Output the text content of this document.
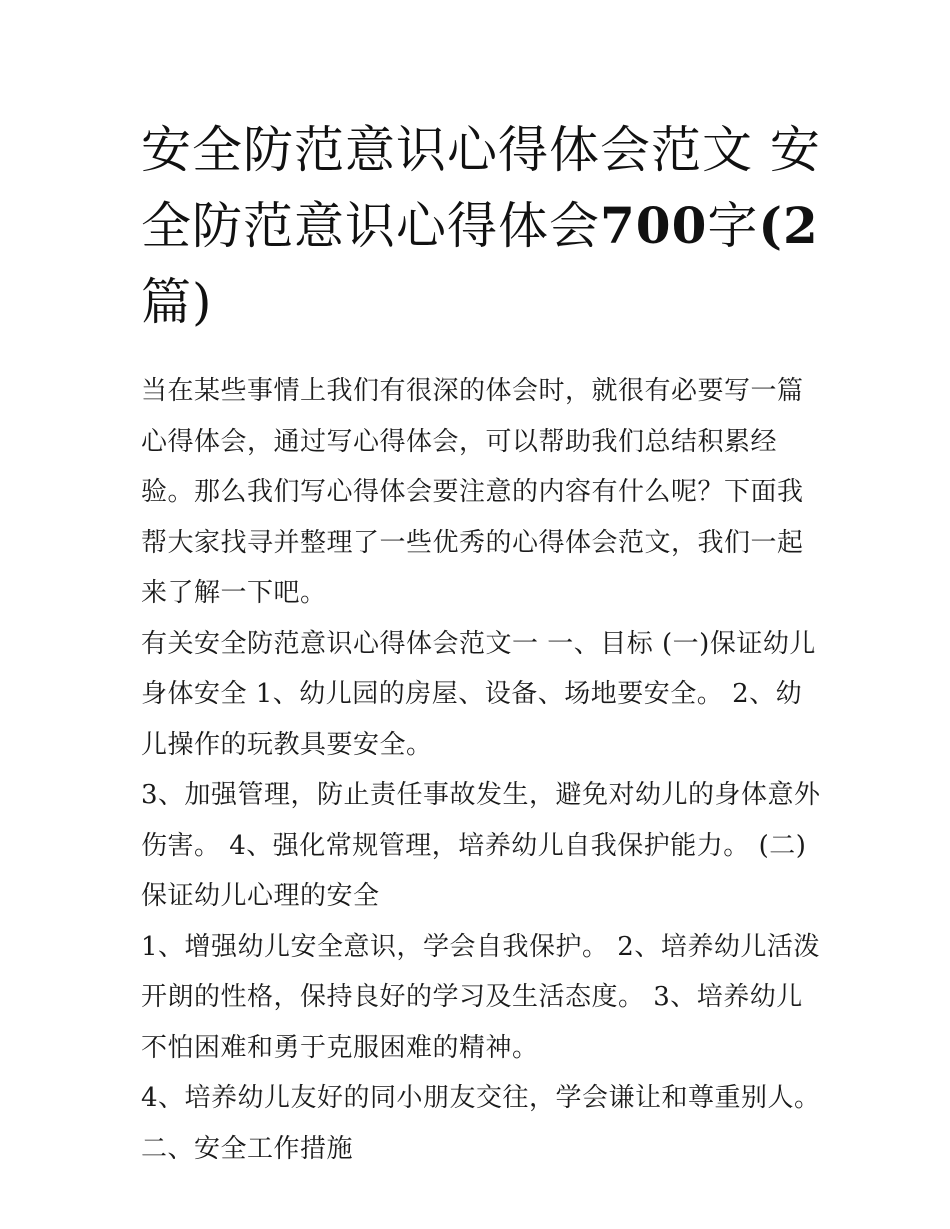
安全防范意识心得体会范文 安全防范意识心得体会700字(2
篇)

当在某些事情上我们有很深的体会时，就很有必要写一篇心得体会，通过写心得体会，可以帮助我们总结积累经验。那么我们写心得体会要注意的内容有什么呢？下面我帮大家找寻并整理了一些优秀的心得体会范文，我们一起来了解一下吧。

有关安全防范意识心得体会范文一 一、目标 (一)保证幼儿身体安全 1、幼儿园的房屋、设备、场地要安全。 2、幼儿操作的玩教具要安全。

3、加强管理，防止责任事故发生，避免对幼儿的身体意外伤害。 4、强化常规管理，培养幼儿自我保护能力。 (二)保证幼儿心理的安全

1、增强幼儿安全意识，学会自我保护。 2、培养幼儿活泼开朗的性格，保持良好的学习及生活态度。 3、培养幼儿不怕困难和勇于克服困难的精神。

4、培养幼儿友好的同小朋友交往，学会谦让和尊重别人。

二、安全工作措施
